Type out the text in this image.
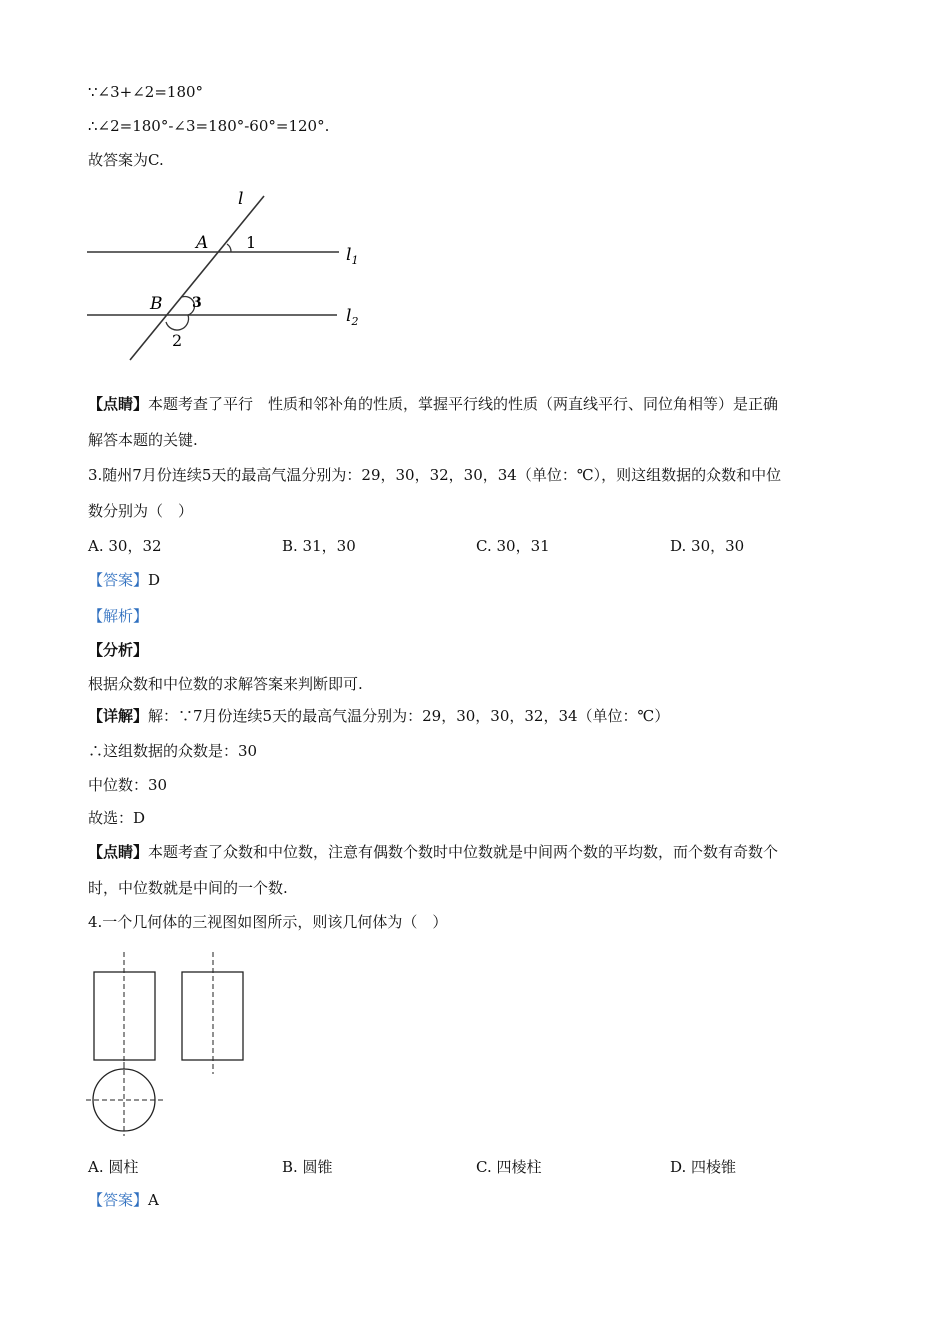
∵∠3+∠2=180°
∴∠2=180°-∠3=180°-60°=120°.
故答案为C.
l
A 1
$l_1$
B 3
$l_2$
2
【点睛】本题考查了平行　性质和邻补角的性质，掌握平行线的性质（两直线平行、同位角相等）是正确
解答本题的关键.
3.随州7月份连续5天的最高气温分别为：29，30，32，30，34（单位：℃），则这组数据的众数和中位
数分别为（　）
A. 30，32	B. 31，30	C. 30，31	D. 30，30
【答案】D
【解析】
【分析】
根据众数和中位数的求解答案来判断即可.
【详解】解：∵7月份连续5天的最高气温分别为：29，30，30，32，34（单位：℃）
∴这组数据的众数是：30
中位数：30
故选：D
【点睛】本题考查了众数和中位数，注意有偶数个数时中位数就是中间两个数的平均数，而个数有奇数个
时，中位数就是中间的一个数.
4.一个几何体的三视图如图所示，则该几何体为（　）
A. 圆柱	B. 圆锥	C. 四棱柱	D. 四棱锥
【答案】A
